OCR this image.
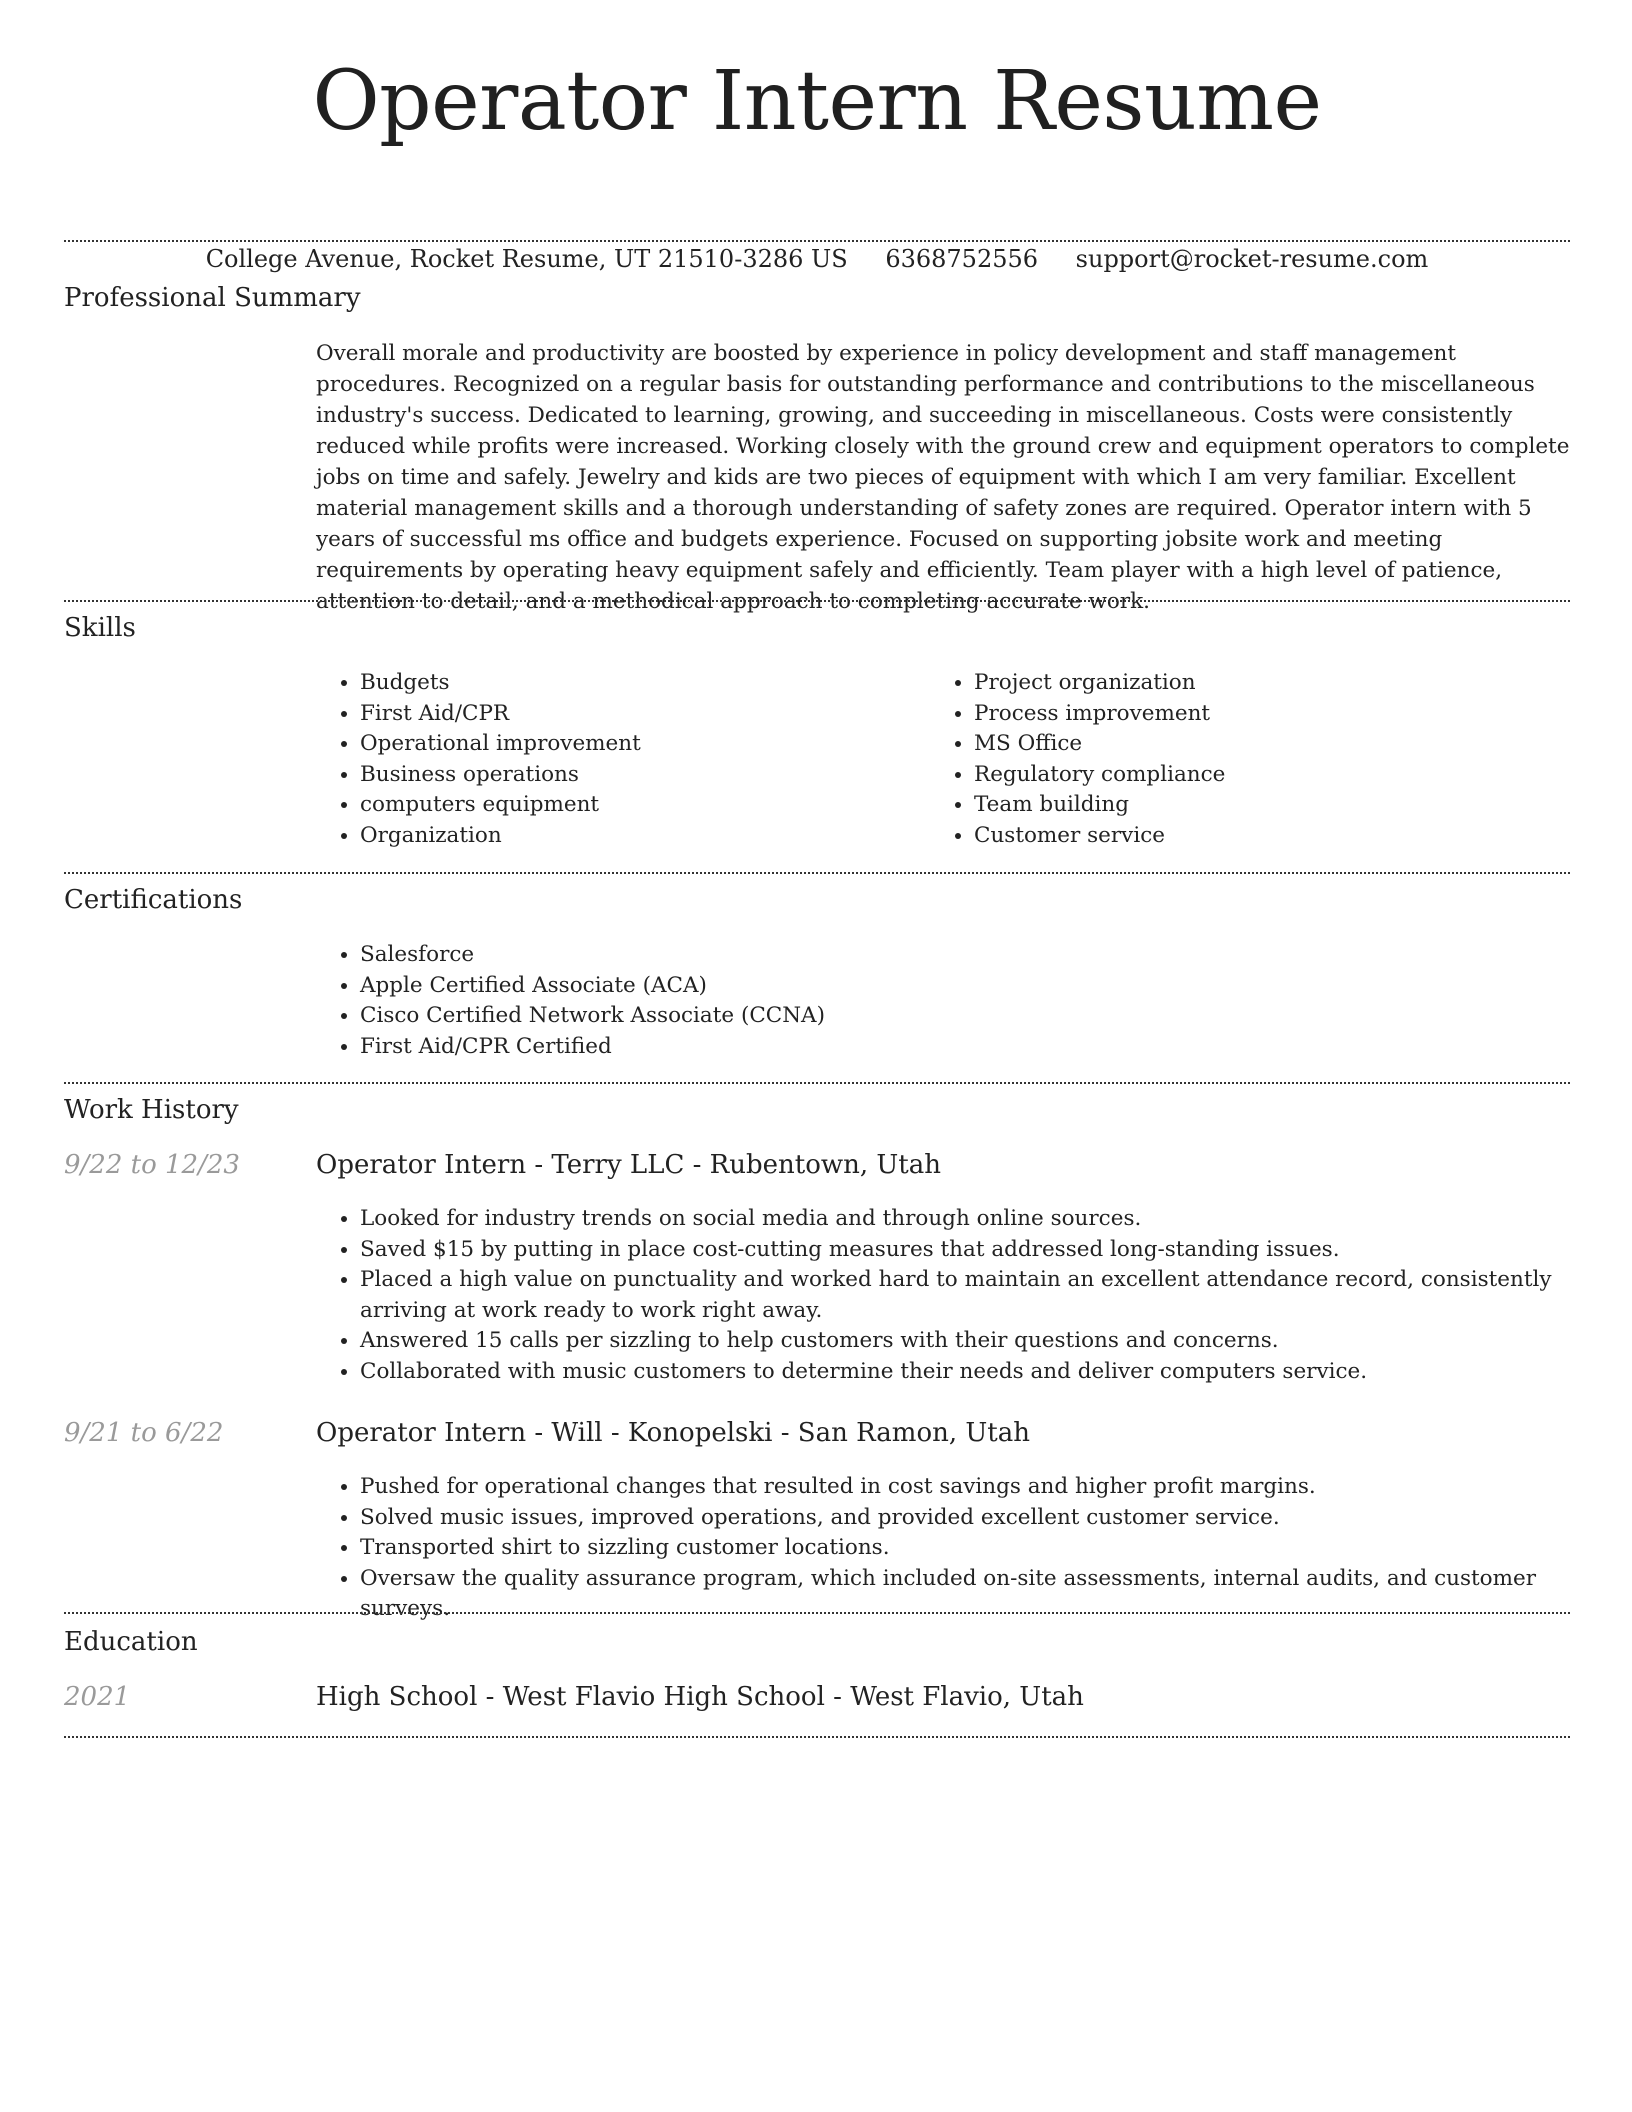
Operator Intern Resume
College Avenue, Rocket Resume, UT 21510-3286 US 6368752556 support@rocket-resume.com
Professional Summary

Overall morale and productivity are boosted by experience in policy development and staff management procedures. Recognized on a regular basis for outstanding performance and contributions to the miscellaneous industry's success. Dedicated to learning, growing, and succeeding in miscellaneous. Costs were consistently reduced while profits were increased. Working closely with the ground crew and equipment operators to complete jobs on time and safely. Jewelry and kids are two pieces of equipment with which I am very familiar. Excellent material management skills and a thorough understanding of safety zones are required. Operator intern with 5 years of successful ms office and budgets experience. Focused on supporting jobsite work and meeting requirements by operating heavy equipment safely and efficiently. Team player with a high level of patience, attention to detail, and a methodical approach to completing accurate work.

Skills
• Budgets
• First Aid/CPR
• Operational improvement
• Business operations
• computers equipment
• Organization
• Project organization
• Process improvement
• MS Office
• Regulatory compliance
• Team building
• Customer service
Certifications
• Salesforce
• Apple Certified Associate (ACA)
• Cisco Certified Network Associate (CCNA)
• First Aid/CPR Certified
Work History
9/22 to 12/23	Operator Intern - Terry LLC - Rubentown, Utah
• Looked for industry trends on social media and through online sources.
• Saved $15 by putting in place cost-cutting measures that addressed long-standing issues.
• Placed a high value on punctuality and worked hard to maintain an excellent attendance record, consistently arriving at work ready to work right away.
• Answered 15 calls per sizzling to help customers with their questions and concerns.
• Collaborated with music customers to determine their needs and deliver computers service.
9/21 to 6/22	Operator Intern - Will - Konopelski - San Ramon, Utah
• Pushed for operational changes that resulted in cost savings and higher profit margins.
• Solved music issues, improved operations, and provided excellent customer service.
• Transported shirt to sizzling customer locations.
• Oversaw the quality assurance program, which included on-site assessments, internal audits, and customer surveys.
Education
2021	High School - West Flavio High School - West Flavio, Utah
